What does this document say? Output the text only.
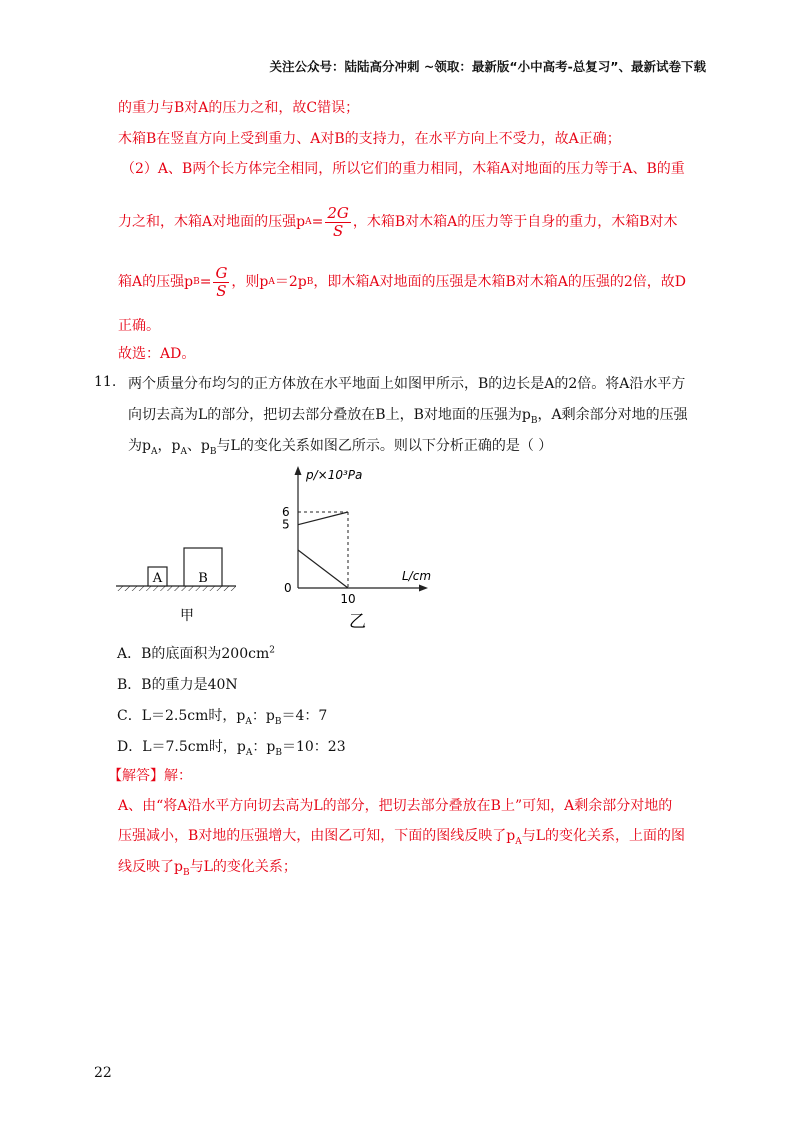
关注公众号：陆陆高分冲刺 ~领取：最新版“小中高考-总复习”、最新试卷下载
的重力与B对A的压力之和，故C错误；
木箱B在竖直方向上受到重力、A对B的支持力，在水平方向上不受力，故A正确；
（2）A、B两个长方体完全相同，所以它们的重力相同，木箱A对地面的压力等于A、B的重
力之和，木箱A对地面的压强p $A = \frac{2G}{S}$ ，木箱B对木箱A的压力等于自身的重力，木箱B对木
箱A的压强p $B = \frac{G}{S}$ ，则p A ＝2p B ，即木箱A对地面的压强是木箱B对木箱A的压强的2倍，故D
正确。
故选：AD。
11. 两个质量分布均匀的正方体放在水平地面上如图甲所示，B的边长是A的2倍。将A沿水平方
向切去高为L的部分，把切去部分叠放在B上，B对地面的压强为$p_B$，A剩余部分对地的压强
为$p_A$，$p_A$、$p_B$与L的变化关系如图乙所示。则以下分析正确的是（ ）
A	B
甲
p/×10³Pa
L/cm
6
5
0
10
乙
A．B的底面积为$200cm^2$
B．B的重力是40N
C．L＝2.5cm时，$p_A$：$p_B=4$：7
D．L＝7.5cm时，$p_A$：$p_B=10$：23
【解答】解：
A、由“将A沿水平方向切去高为L的部分，把切去部分叠放在B上”可知，A剩余部分对地的
压强减小，B对地的压强增大，由图乙可知，下面的图线反映了$p_A$与L的变化关系，上面的图
线反映了$p_B$与L的变化关系；
22
